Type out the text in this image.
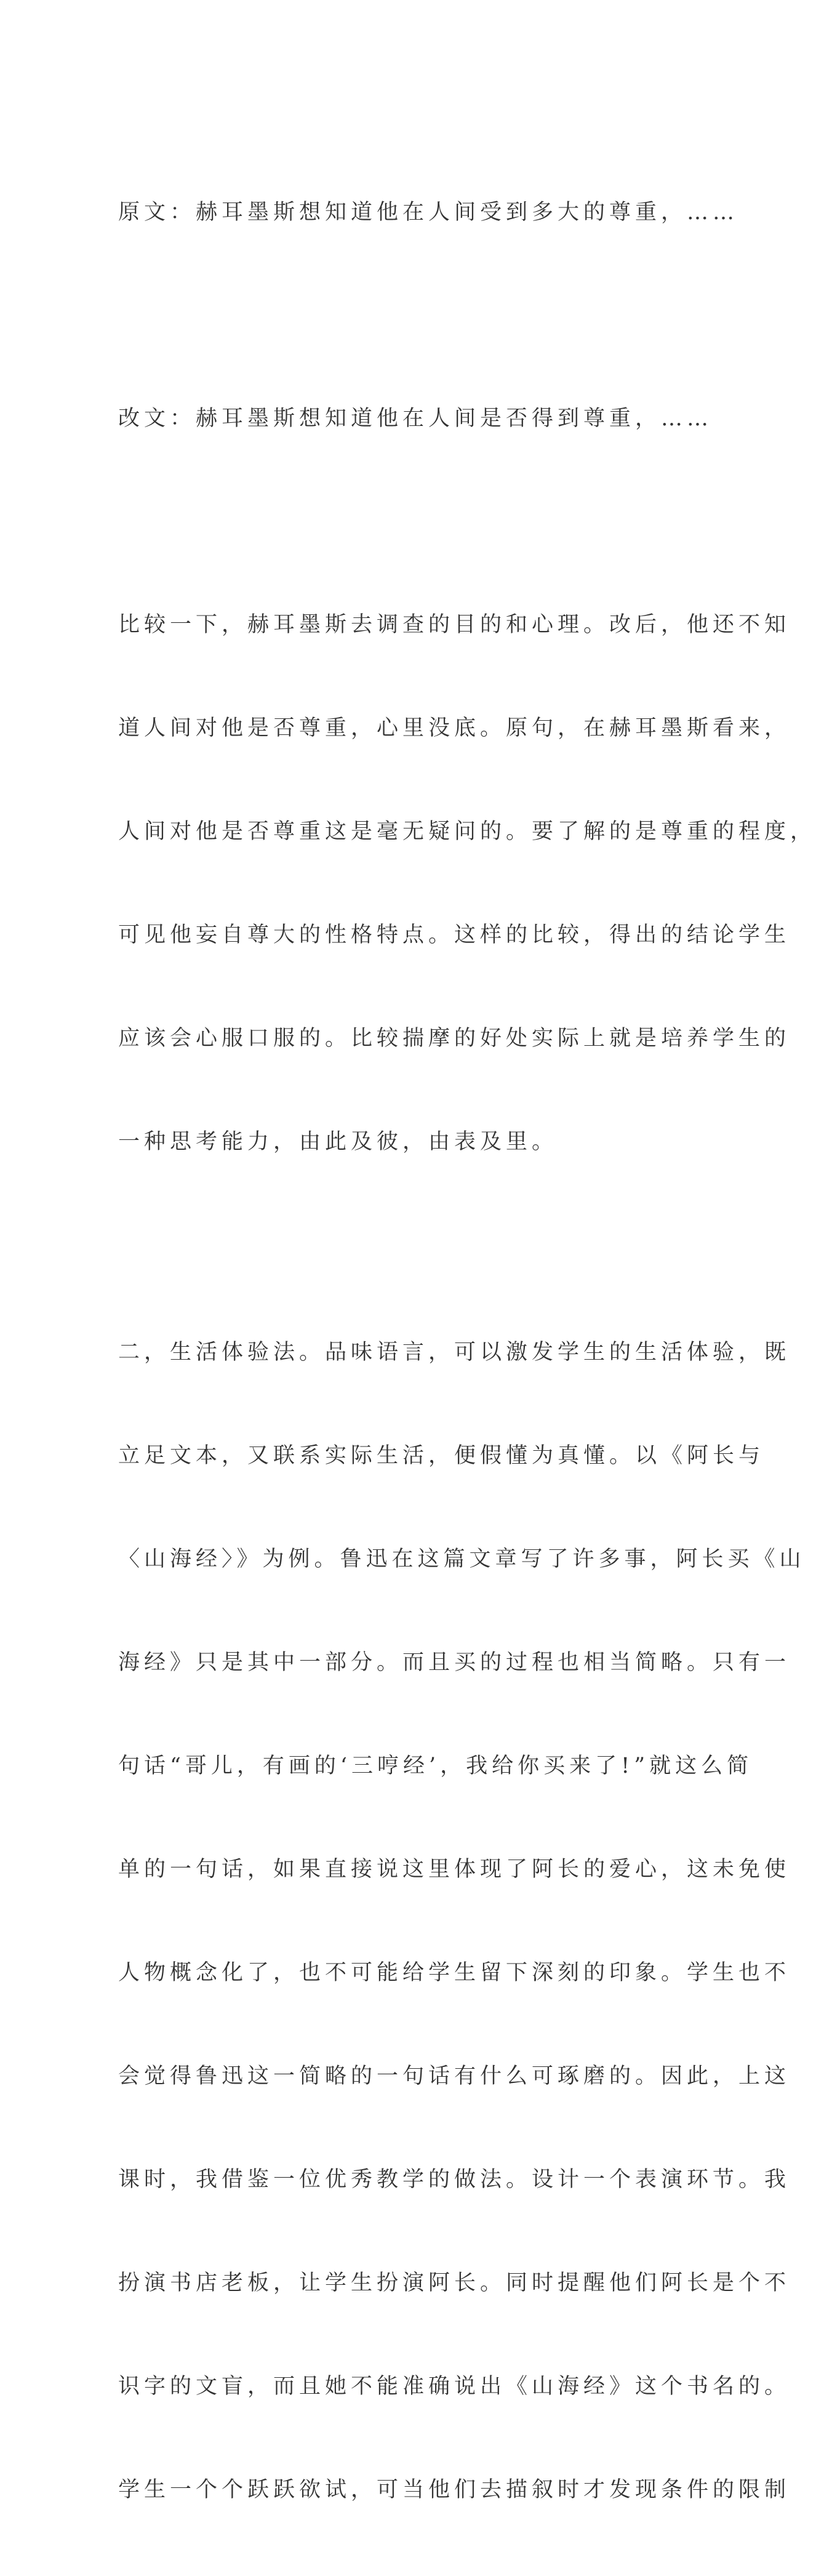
原文：赫耳墨斯想知道他在人间受到多大的尊重，……

改文：赫耳墨斯想知道他在人间是否得到尊重，……

比较一下，赫耳墨斯去调查的目的和心理。改后，他还不知

道人间对他是否尊重，心里没底。原句，在赫耳墨斯看来，

人间对他是否尊重这是毫无疑问的。要了解的是尊重的程度，

可见他妄自尊大的性格特点。这样的比较，得出的结论学生

应该会心服口服的。比较揣摩的好处实际上就是培养学生的

一种思考能力，由此及彼，由表及里。

二，生活体验法。品味语言，可以激发学生的生活体验，既

立足文本，又联系实际生活，便假懂为真懂。以《阿长与

〈山海经〉》为例。鲁迅在这篇文章写了许多事，阿长买《山

海经》只是其中一部分。而且买的过程也相当简略。只有一

句话“哥儿，有画的‘三哼经’，我给你买来了!”就这么简

单的一句话，如果直接说这里体现了阿长的爱心，这未免使

人物概念化了，也不可能给学生留下深刻的印象。学生也不

会觉得鲁迅这一简略的一句话有什么可琢磨的。因此，上这

课时，我借鉴一位优秀教学的做法。设计一个表演环节。我

扮演书店老板，让学生扮演阿长。同时提醒他们阿长是个不

识字的文盲，而且她不能准确说出《山海经》这个书名的。

学生一个个跃跃欲试，可当他们去描叙时才发现条件的限制
